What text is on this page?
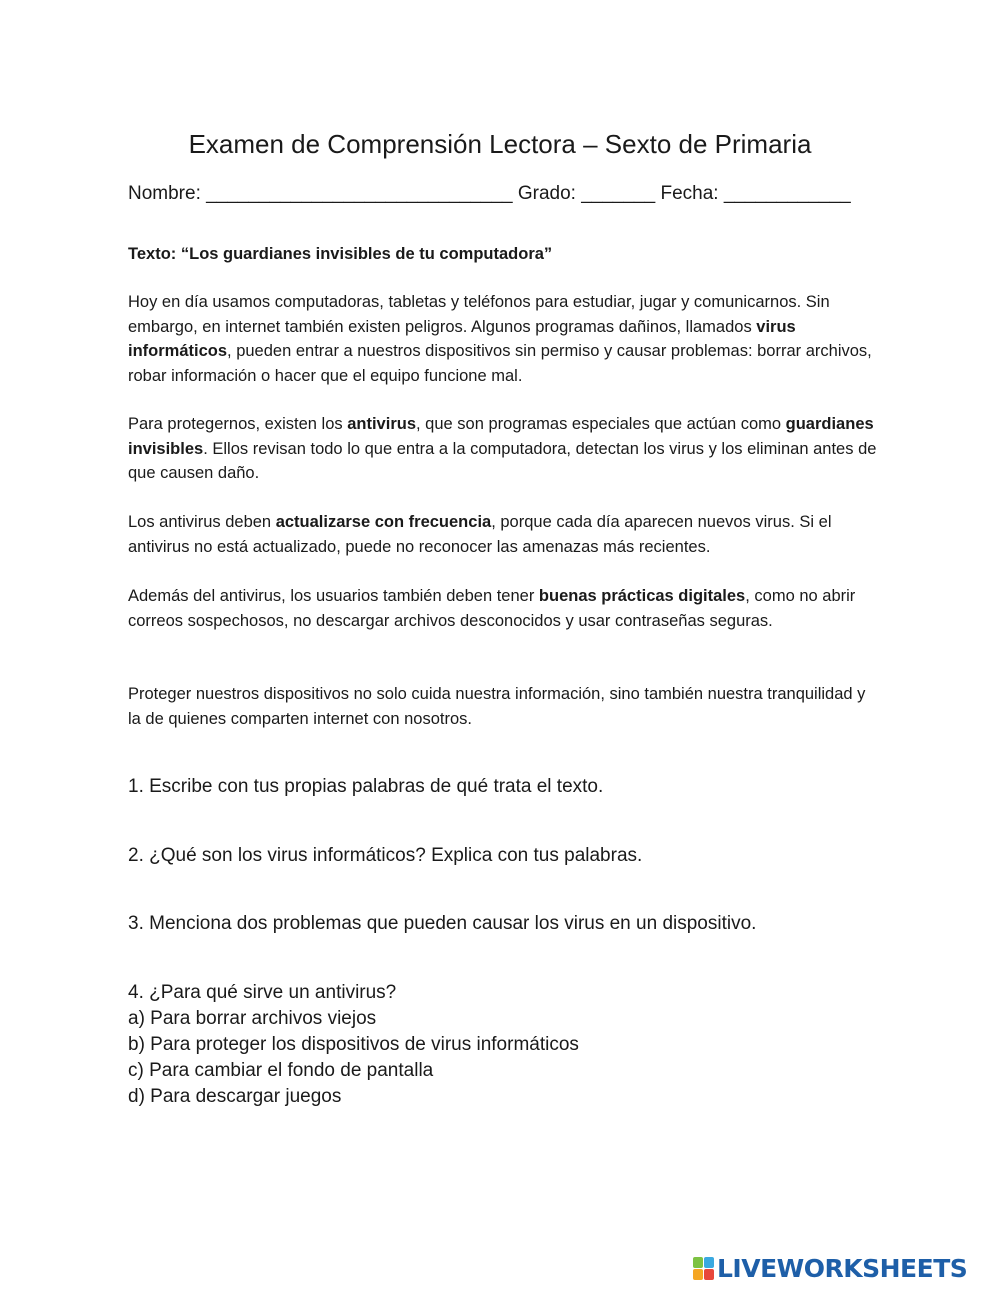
Examen de Comprensión Lectora – Sexto de Primaria
Nombre: _____________________________ Grado: _______ Fecha: ____________
Texto: “Los guardianes invisibles de tu computadora”

Hoy en día usamos computadoras, tabletas y teléfonos para estudiar, jugar y comunicarnos. Sin embargo, en internet también existen peligros. Algunos programas dañinos, llamados virus informáticos, pueden entrar a nuestros dispositivos sin permiso y causar problemas: borrar archivos, robar información o hacer que el equipo funcione mal.

Para protegernos, existen los antivirus, que son programas especiales que actúan como guardianes invisibles. Ellos revisan todo lo que entra a la computadora, detectan los virus y los eliminan antes de que causen daño.

Los antivirus deben actualizarse con frecuencia, porque cada día aparecen nuevos virus. Si el antivirus no está actualizado, puede no reconocer las amenazas más recientes.

Además del antivirus, los usuarios también deben tener buenas prácticas digitales, como no abrir correos sospechosos, no descargar archivos desconocidos y usar contraseñas seguras.

Proteger nuestros dispositivos no solo cuida nuestra información, sino también nuestra tranquilidad y la de quienes comparten internet con nosotros.

1. Escribe con tus propias palabras de qué trata el texto.

2. ¿Qué son los virus informáticos? Explica con tus palabras.

3. Menciona dos problemas que pueden causar los virus en un dispositivo.

4. ¿Para qué sirve un antivirus?
a) Para borrar archivos viejos
b) Para proteger los dispositivos de virus informáticos
c) Para cambiar el fondo de pantalla
d) Para descargar juegos
LIVEWORKSHEETS
